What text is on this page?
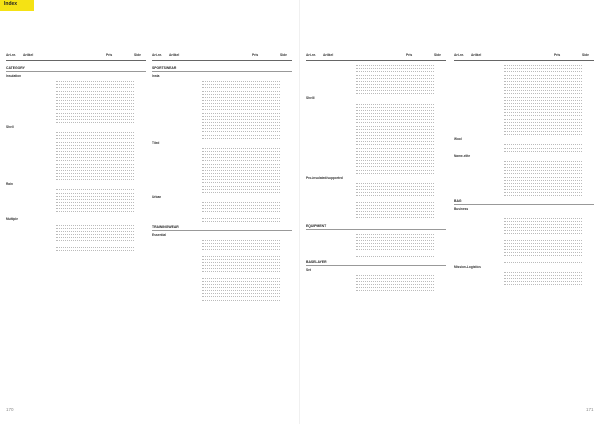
Index
Art-nr. Artikel	Pris	Side	Art-nr. Artikel	Pris	Side	Art-nr. Artikel	Pris	Side	Art-nr. Artikel	Pris	Side
CATEGORY
Insulation
Shell
Rain
Multiple
SPORTSWEAR
Insta
Tiled
Urban
TRAININGWEAR
Essential
Shelll
Pro-insulated/supported
EQUIPMENT
BASELAYER
Set
Wool
Name-elite
BAG
Business
Mission-Logistics
170	171
